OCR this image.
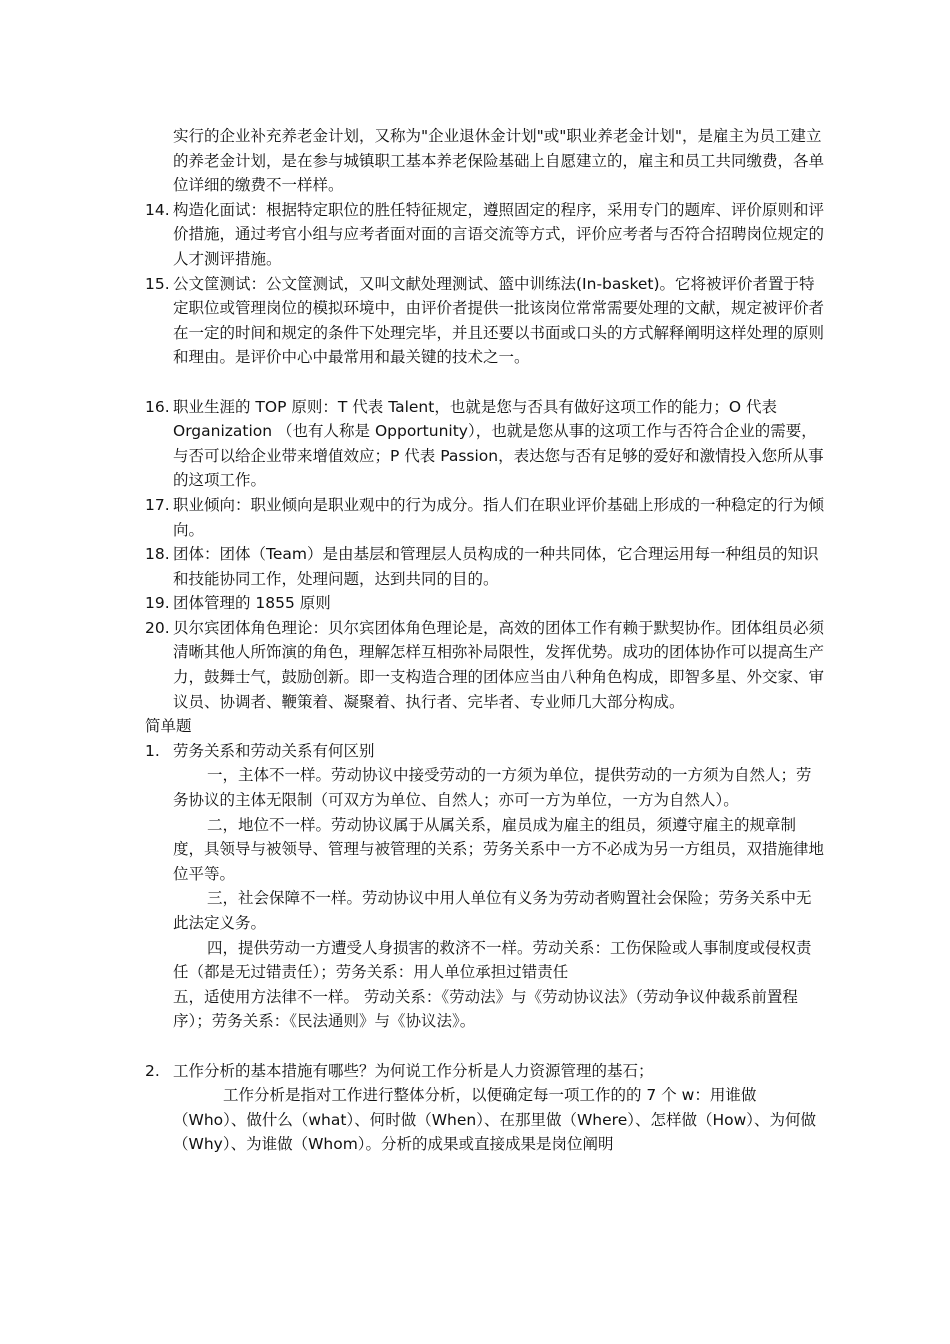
实行的企业补充养老金计划，又称为"企业退休金计划"或"职业养老金计划"，是雇主为员工建立的养老金计划，是在参与城镇职工基本养老保险基础上自愿建立的，雇主和员工共同缴费，各单位详细的缴费不一样样。

14. 构造化面试：根据特定职位的胜任特征规定，遵照固定的程序，采用专门的题库、评价原则和评价措施，通过考官小组与应考者面对面的言语交流等方式，评价应考者与否符合招聘岗位规定的人才测评措施。
15. 公文筐测试：公文筐测试，又叫文献处理测试、篮中训练法(In-basket)。它将被评价者置于特定职位或管理岗位的模拟环境中，由评价者提供一批该岗位常常需要处理的文献，规定被评价者在一定的时间和规定的条件下处理完毕，并且还要以书面或口头的方式解释阐明这样处理的原则和理由。是评价中心中最常用和最关键的技术之一。
16. 职业生涯的 TOP 原则：T 代表 Talent，也就是您与否具有做好这项工作的能力；O 代表 Organization （也有人称是 Opportunity），也就是您从事的这项工作与否符合企业的需要，与否可以给企业带来增值效应；P 代表 Passion，表达您与否有足够的爱好和激情投入您所从事的这项工作。
17. 职业倾向：职业倾向是职业观中的行为成分。指人们在职业评价基础上形成的一种稳定的行为倾向。
18. 团体：团体（Team）是由基层和管理层人员构成的一种共同体，它合理运用每一种组员的知识和技能协同工作，处理问题，达到共同的目的。
19. 团体管理的 1855 原则
20. 贝尔宾团体角色理论：贝尔宾团体角色理论是，高效的团体工作有赖于默契协作。团体组员必须清晰其他人所饰演的角色，理解怎样互相弥补局限性，发挥优势。成功的团体协作可以提高生产力，鼓舞士气，鼓励创新。即一支构造合理的团体应当由八种角色构成，即智多星、外交家、审议员、协调者、鞭策着、凝聚着、执行者、完毕者、专业师几大部分构成。
简单题
1. 劳务关系和劳动关系有何区别

一，主体不一样。劳动协议中接受劳动的一方须为单位，提供劳动的一方须为自然人；劳务协议的主体无限制（可双方为单位、自然人；亦可一方为单位，一方为自然人）。

二，地位不一样。劳动协议属于从属关系，雇员成为雇主的组员，须遵守雇主的规章制度，具领导与被领导、管理与被管理的关系；劳务关系中一方不必成为另一方组员，双措施律地位平等。

三，社会保障不一样。劳动协议中用人单位有义务为劳动者购置社会保险；劳务关系中无此法定义务。

四，提供劳动一方遭受人身损害的救济不一样。劳动关系：工伤保险或人事制度或侵权责任（都是无过错责任）；劳务关系：用人单位承担过错责任

五，适使用方法律不一样。 劳动关系：《劳动法》与《劳动协议法》（劳动争议仲裁系前置程序）；劳务关系：《民法通则》与《协议法》。

2. 工作分析的基本措施有哪些？为何说工作分析是人力资源管理的基石；

工作分析是指对工作进行整体分析，以便确定每一项工作的的 7 个 w：用谁做（Who）、做什么（what）、何时做（When）、在那里做（Where）、怎样做（How）、为何做（Why）、为谁做（Whom）。分析的成果或直接成果是岗位阐明
